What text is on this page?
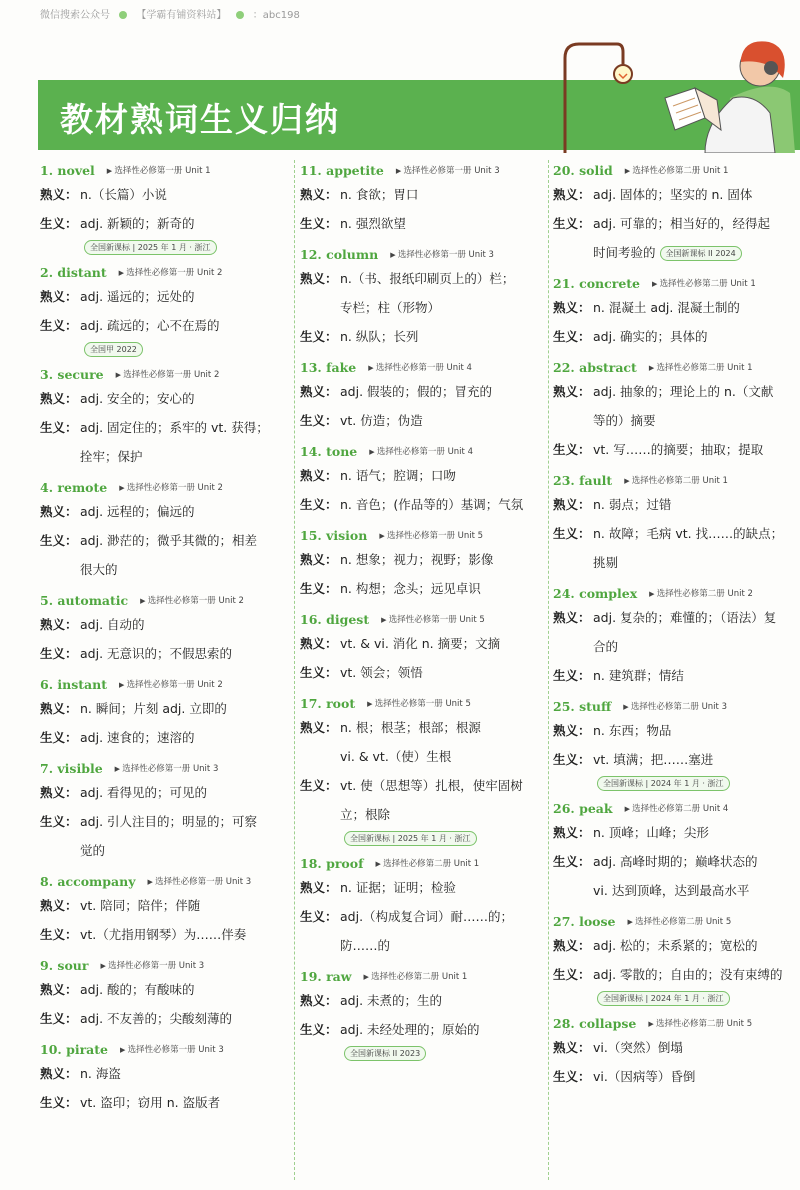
微信搜索公众号	【学霸有铺资料站】	：abc198
教材熟词生义归纳
1. novel	▶ 选择性必修第一册 Unit 1
熟义： n.（长篇）小说
生义： adj. 新颖的；新奇的
全国新课标 | 2025 年 1 月 · 浙江
2. distant	▶ 选择性必修第一册 Unit 2
熟义： adj. 遥远的；远处的
生义： adj. 疏远的；心不在焉的
全国甲 2022
3. secure	▶ 选择性必修第一册 Unit 2
熟义： adj. 安全的；安心的
生义： adj. 固定住的；系牢的 vt. 获得；
拴牢；保护
4. remote	▶ 选择性必修第一册 Unit 2
熟义： adj. 远程的；偏远的
生义： adj. 渺茫的；微乎其微的；相差
很大的
5. automatic	▶ 选择性必修第一册 Unit 2
熟义： adj. 自动的
生义： adj. 无意识的；不假思索的
6. instant	▶ 选择性必修第一册 Unit 2
熟义： n. 瞬间；片刻 adj. 立即的
生义： adj. 速食的；速溶的
7. visible	▶ 选择性必修第一册 Unit 3
熟义： adj. 看得见的；可见的
生义： adj. 引人注目的；明显的；可察
觉的
8. accompany	▶ 选择性必修第一册 Unit 3
熟义： vt. 陪同；陪伴；伴随
生义： vt.（尤指用钢琴）为……伴奏
9. sour	▶ 选择性必修第一册 Unit 3
熟义： adj. 酸的；有酸味的
生义： adj. 不友善的；尖酸刻薄的
10. pirate	▶ 选择性必修第一册 Unit 3
熟义： n. 海盗
生义： vt. 盗印；窃用 n. 盗版者
11. appetite	▶ 选择性必修第一册 Unit 3
熟义： n. 食欲；胃口
生义： n. 强烈欲望
12. column	▶ 选择性必修第一册 Unit 3
熟义： n.（书、报纸印刷页上的）栏；
专栏；柱（形物）
生义： n. 纵队；长列
13. fake	▶ 选择性必修第一册 Unit 4
熟义： adj. 假装的；假的；冒充的
生义： vt. 仿造；伪造
14. tone	▶ 选择性必修第一册 Unit 4
熟义： n. 语气；腔调；口吻
生义： n. 音色；(作品等的）基调；气氛
15. vision	▶ 选择性必修第一册 Unit 5
熟义： n. 想象；视力；视野；影像
生义： n. 构想；念头；远见卓识
16. digest	▶ 选择性必修第一册 Unit 5
熟义： vt. & vi. 消化 n. 摘要；文摘
生义： vt. 领会；领悟
17. root	▶ 选择性必修第一册 Unit 5
熟义： n. 根；根茎；根部；根源
vi. & vt.（使）生根
生义： vt. 使（思想等）扎根，使牢固树
立；根除
全国新课标 | 2025 年 1 月 · 浙江
18. proof	▶ 选择性必修第二册 Unit 1
熟义： n. 证据；证明；检验
生义： adj.（构成复合词）耐……的；
防……的
19. raw	▶ 选择性必修第二册 Unit 1
熟义： adj. 未煮的；生的
生义： adj. 未经处理的；原始的
全国新课标 II 2023
20. solid	▶ 选择性必修第二册 Unit 1
熟义： adj. 固体的；坚实的 n. 固体
生义： adj. 可靠的；相当好的，经得起
时间考验的 全国新课标 II 2024
21. concrete	▶ 选择性必修第二册 Unit 1
熟义： n. 混凝土 adj. 混凝土制的
生义： adj. 确实的；具体的
22. abstract	▶ 选择性必修第二册 Unit 1
熟义： adj. 抽象的；理论上的 n.（文献
等的）摘要
生义： vt. 写……的摘要；抽取；提取
23. fault	▶ 选择性必修第二册 Unit 1
熟义： n. 弱点；过错
生义： n. 故障；毛病 vt. 找……的缺点；
挑剔
24. complex	▶ 选择性必修第二册 Unit 2
熟义： adj. 复杂的；难懂的；（语法）复
合的
生义： n. 建筑群；情结
25. stuff	▶ 选择性必修第二册 Unit 3
熟义： n. 东西；物品
生义： vt. 填满；把……塞进
全国新课标 | 2024 年 1 月 · 浙江
26. peak	▶ 选择性必修第二册 Unit 4
熟义： n. 顶峰；山峰；尖形
生义： adj. 高峰时期的；巅峰状态的
vi. 达到顶峰，达到最高水平
27. loose	▶ 选择性必修第二册 Unit 5
熟义： adj. 松的；未系紧的；宽松的
生义： adj. 零散的；自由的；没有束缚的
全国新课标 | 2024 年 1 月 · 浙江
28. collapse	▶ 选择性必修第二册 Unit 5
熟义： vi.（突然）倒塌
生义： vi.（因病等）昏倒
